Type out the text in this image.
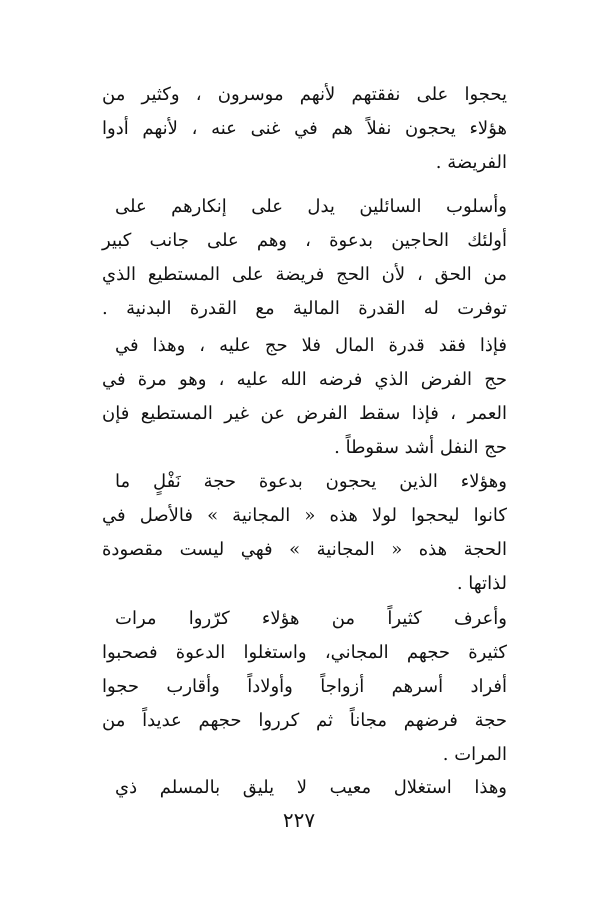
يحجوا على نفقتهم لأنهم موسرون ، وكثير من
هؤلاء يحجون نفلاً هم في غنى عنه ، لأنهم أدوا
الفريضة .
وأسلوب السائلين يدل على إنكارهم على
أولئك الحاجين بدعوة ، وهم على جانب كبير
من الحق ، لأن الحج فريضة على المستطيع الذي
توفرت له القدرة المالية مع القدرة البدنية .
فإذا فقد قدرة المال فلا حج عليه ، وهذا في
حج الفرض الذي فرضه الله عليه ، وهو مرة في
العمر ، فإذا سقط الفرض عن غير المستطيع فإن
حج النفل أشد سقوطاً .
وهؤلاء الذين يحجون بدعوة حجة نَفْلٍ ما
كانوا ليحجوا لولا هذه « المجانية » فالأصل في
الحجة هذه « المجانية » فهي ليست مقصودة
لذاتها .
وأعرف كثيراً من هؤلاء كرّروا مرات
كثيرة حجهم المجاني، واستغلوا الدعوة فصحبوا
أفراد أسرهم أزواجاً وأولاداً وأقارب حجوا
حجة فرضهم مجاناً ثم كرروا حجهم عديداً من
المرات .
وهذا استغلال معيب لا يليق بالمسلم ذي
٢٢٧
